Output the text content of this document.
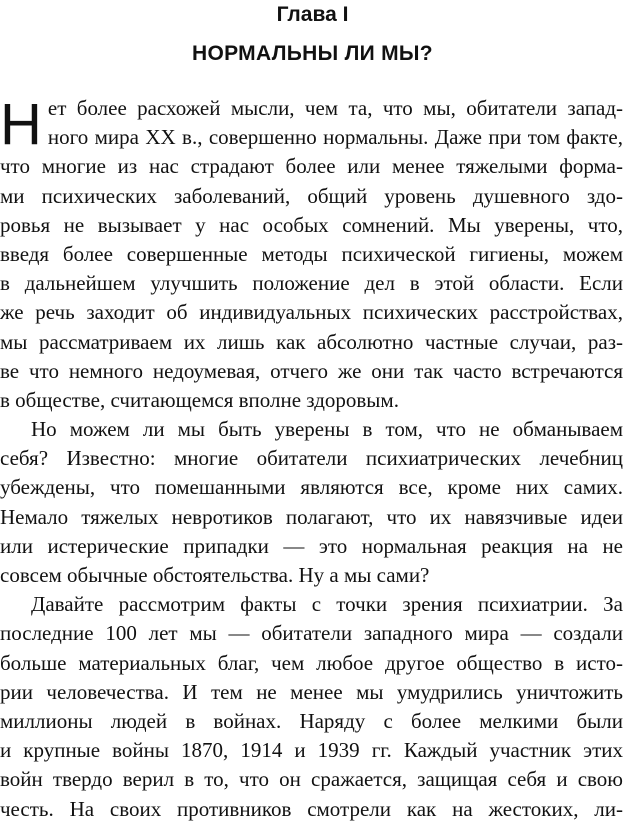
Глава I
НОРМАЛЬНЫ ЛИ МЫ?

Н ет более расхожей мысли, чем та, что мы, обитатели запад-
ного мира XX в., совершенно нормальны. Даже при том факте,
что многие из нас страдают более или менее тяжелыми форма-
ми психических заболеваний, общий уровень душевного здо-
ровья не вызывает у нас особых сомнений. Мы уверены, что,
введя более совершенные методы психической гигиены, можем
в дальнейшем улучшить положение дел в этой области. Если
же речь заходит об индивидуальных психических расстройствах,
мы рассматриваем их лишь как абсолютно частные случаи, раз-
ве что немного недоумевая, отчего же они так часто встречаются
в обществе, считающемся вполне здоровым.

Но можем ли мы быть уверены в том, что не обманываем
себя? Известно: многие обитатели психиатрических лечебниц
убеждены, что помешанными являются все, кроме них самих.
Немало тяжелых невротиков полагают, что их навязчивые идеи
или истерические припадки — это нормальная реакция на не
совсем обычные обстоятельства. Ну а мы сами?

Давайте рассмотрим факты с точки зрения психиатрии. За
последние 100 лет мы — обитатели западного мира — создали
больше материальных благ, чем любое другое общество в исто-
рии человечества. И тем не менее мы умудрились уничтожить
миллионы людей в войнах. Наряду с более мелкими были
и крупные войны 1870, 1914 и 1939 гг. Каждый участник этих
войн твердо верил в то, что он сражается, защищая себя и свою
честь. На своих противников смотрели как на жестоких, ли-
